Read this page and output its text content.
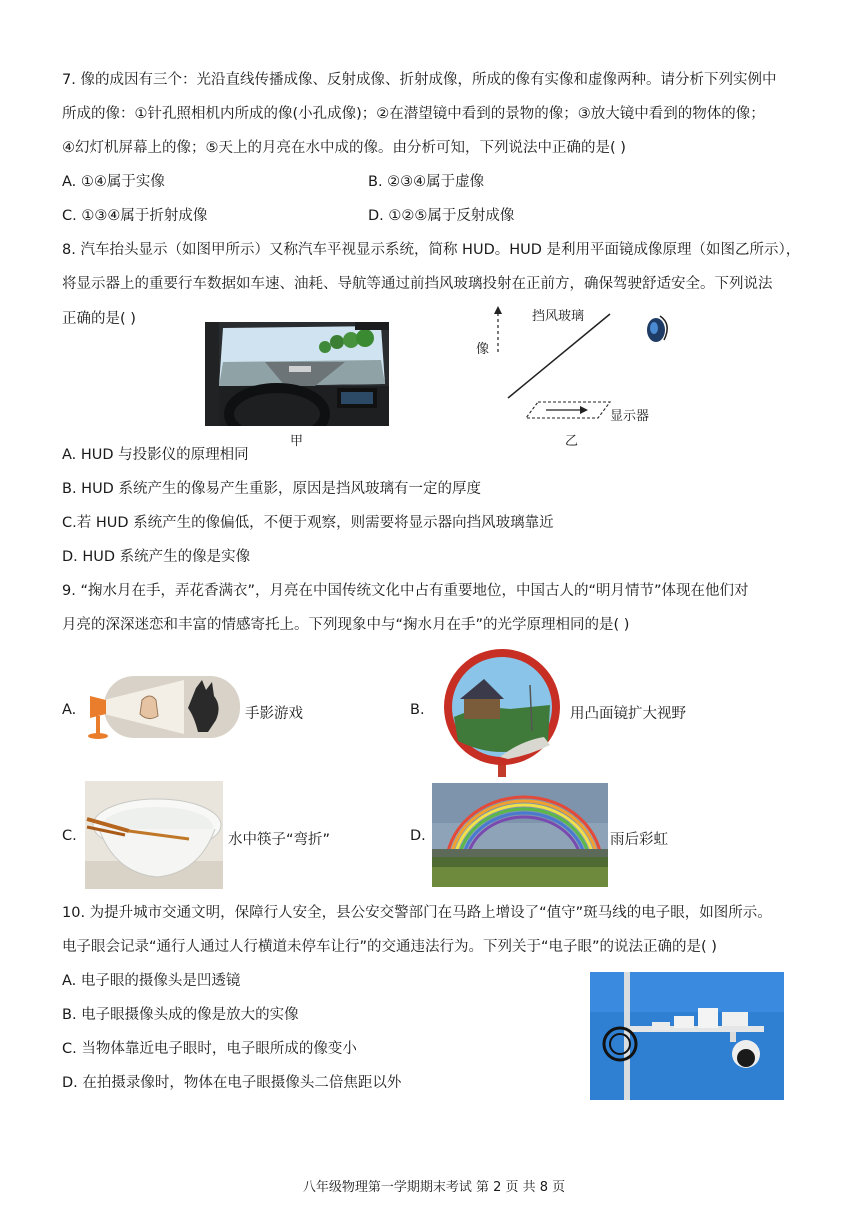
7. 像的成因有三个：光沿直线传播成像、反射成像、折射成像，所成的像有实像和虚像两种。请分析下列实例中
所成的像：①针孔照相机内所成的像(小孔成像)；②在潜望镜中看到的景物的像；③放大镜中看到的物体的像；
④幻灯机屏幕上的像；⑤天上的月亮在水中成的像。由分析可知，下列说法中正确的是( )
A. ①④属于实像	B. ②③④属于虚像
C. ①③④属于折射成像	D. ①②⑤属于反射成像
8. 汽车抬头显示（如图甲所示）又称汽车平视显示系统，简称 HUD。HUD 是利用平面镜成像原理（如图乙所示），
将显示器上的重要行车数据如车速、油耗、导航等通过前挡风玻璃投射在正前方，确保驾驶舒适安全。下列说法
正确的是( )
甲
挡风玻璃
像
显示器
乙
A. HUD 与投影仪的原理相同
B. HUD 系统产生的像易产生重影，原因是挡风玻璃有一定的厚度
C.若 HUD 系统产生的像偏低，不便于观察，则需要将显示器向挡风玻璃靠近
D. HUD 系统产生的像是实像
9. “掬水月在手，弄花香满衣”，月亮在中国传统文化中占有重要地位，中国古人的“明月情节”体现在他们对
月亮的深深迷恋和丰富的情感寄托上。下列现象中与“掬水月在手”的光学原理相同的是( )
A.	手影游戏	B.	用凸面镜扩大视野
C.	水中筷子“弯折”	D.	雨后彩虹
10. 为提升城市交通文明，保障行人安全，县公安交警部门在马路上增设了“值守”斑马线的电子眼，如图所示。
电子眼会记录“通行人通过人行横道未停车让行”的交通违法行为。下列关于“电子眼”的说法正确的是( )
A. 电子眼的摄像头是凹透镜
B. 电子眼摄像头成的像是放大的实像
C. 当物体靠近电子眼时，电子眼所成的像变小
D. 在拍摄录像时，物体在电子眼摄像头二倍焦距以外
八年级物理第一学期期末考试 第 2 页 共 8 页
